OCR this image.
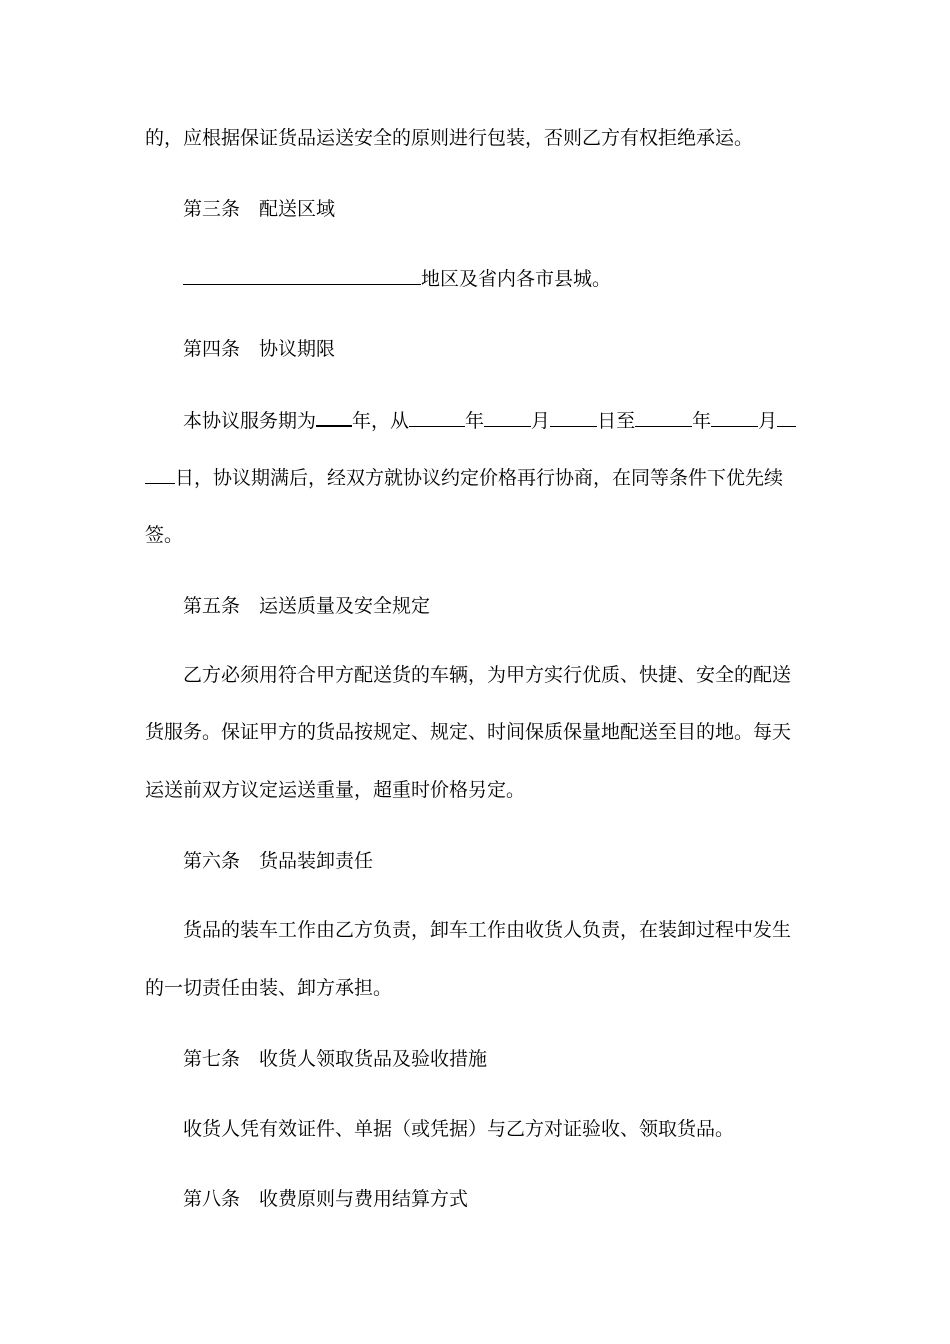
的，应根据保证货品运送安全的原则进行包装，否则乙方有权拒绝承运。
第三条 配送区域
地区及省内各市县城。
第四条 协议期限
本协议服务期为 年，从	年 月 日至	年 月
日，协议期满后，经双方就协议约定价格再行协商，在同等条件下优先续
签。
第五条 运送质量及安全规定
乙方必须用符合甲方配送货的车辆，为甲方实行优质、快捷、安全的配送
货服务。保证甲方的货品按规定、规定、时间保质保量地配送至目的地。每天
运送前双方议定运送重量，超重时价格另定。
第六条 货品装卸责任
货品的装车工作由乙方负责，卸车工作由收货人负责，在装卸过程中发生
的一切责任由装、卸方承担。
第七条 收货人领取货品及验收措施
收货人凭有效证件、单据（或凭据）与乙方对证验收、领取货品。
第八条 收费原则与费用结算方式
